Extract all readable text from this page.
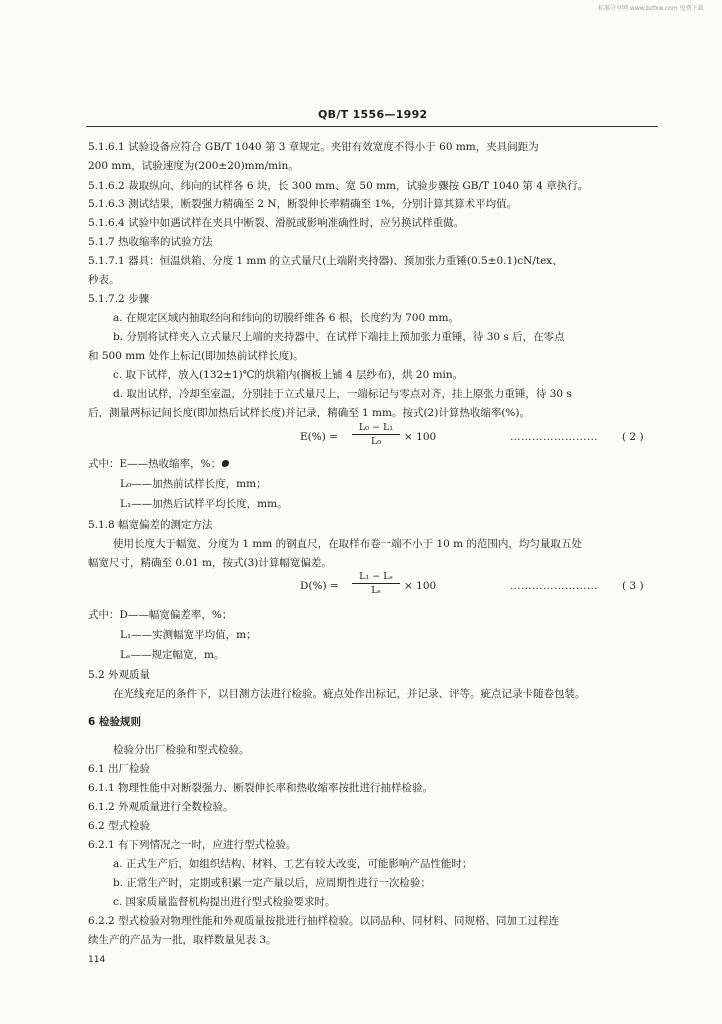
标准分享网 www.bzfxw.com 免费下载
QB/T 1556—1992
5.1.6.1 试验设备应符合 GB/T 1040 第 3 章规定。夹钳有效宽度不得小于 60 mm，夹具间距为
200 mm，试验速度为(200±20)mm/min。
5.1.6.2 裁取纵向、纬向的试样各 6 块，长 300 mm、宽 50 mm，试验步骤按 GB/T 1040 第 4 章执行。
5.1.6.3 测试结果，断裂强力精确至 2 N，断裂伸长率精确至 1%，分别计算其算术平均值。
5.1.6.4 试验中如遇试样在夹具中断裂、滑脱或影响准确性时，应另换试样重做。
5.1.7 热收缩率的试验方法
5.1.7.1 器具：恒温烘箱、分度 1 mm 的立式量尺(上端附夹持器)、预加张力重锤(0.5±0.1)cN/tex、
秒表。
5.1.7.2 步骤
a. 在规定区域内抽取经向和纬向的切膜纤维各 6 根，长度约为 700 mm。
b. 分别将试样夹入立式量尺上端的夹持器中，在试样下端挂上预加张力重锤，待 30 s 后，在零点
和 500 mm 处作上标记(即加热前试样长度)。
c. 取下试样，放入(132±1)℃的烘箱内(搁板上铺 4 层纱布)，烘 20 min。
d. 取出试样，冷却至室温，分别挂于立式量尺上，一端标记与零点对齐，挂上原张力重锤，待 30 s
后，测量两标记间长度(即加热后试样长度)并记录，精确至 1 mm。按式(2)计算热收缩率(%)。
E(%) =
L₀ − L₁
L₀	× 100	…………………… ( 2 )
式中：E——热收缩率，%；
L₀——加热前试样长度，mm；
L₁——加热后试样平均长度，mm。
5.1.8 幅宽偏差的测定方法
使用长度大于幅宽、分度为 1 mm 的钢直尺，在取样布卷一端不小于 10 m 的范围内，均匀量取五处
幅宽尺寸，精确至 0.01 m，按式(3)计算幅宽偏差。
D(%) =
L₁ − Lₛ
Lₛ	× 100	…………………… ( 3 )
式中：D——幅宽偏差率，%；
L₁——实测幅宽平均值，m；
Lₛ——规定幅宽，m。
5.2 外观质量
在光线充足的条件下，以目测方法进行检验。疵点处作出标记，并记录、评等。疵点记录卡随卷包装。
6 检验规则
检验分出厂检验和型式检验。
6.1 出厂检验
6.1.1 物理性能中对断裂强力、断裂伸长率和热收缩率按批进行抽样检验。
6.1.2 外观质量进行全数检验。
6.2 型式检验
6.2.1 有下列情况之一时，应进行型式检验。
a. 正式生产后，如组织结构、材料、工艺有较大改变，可能影响产品性能时；
b. 正常生产时，定期或积累一定产量以后，应周期性进行一次检验；
c. 国家质量监督机构提出进行型式检验要求时。
6.2.2 型式检验对物理性能和外观质量按批进行抽样检验。以同品种、同材料、同规格、同加工过程连
续生产的产品为一批，取样数量见表 3。
114
